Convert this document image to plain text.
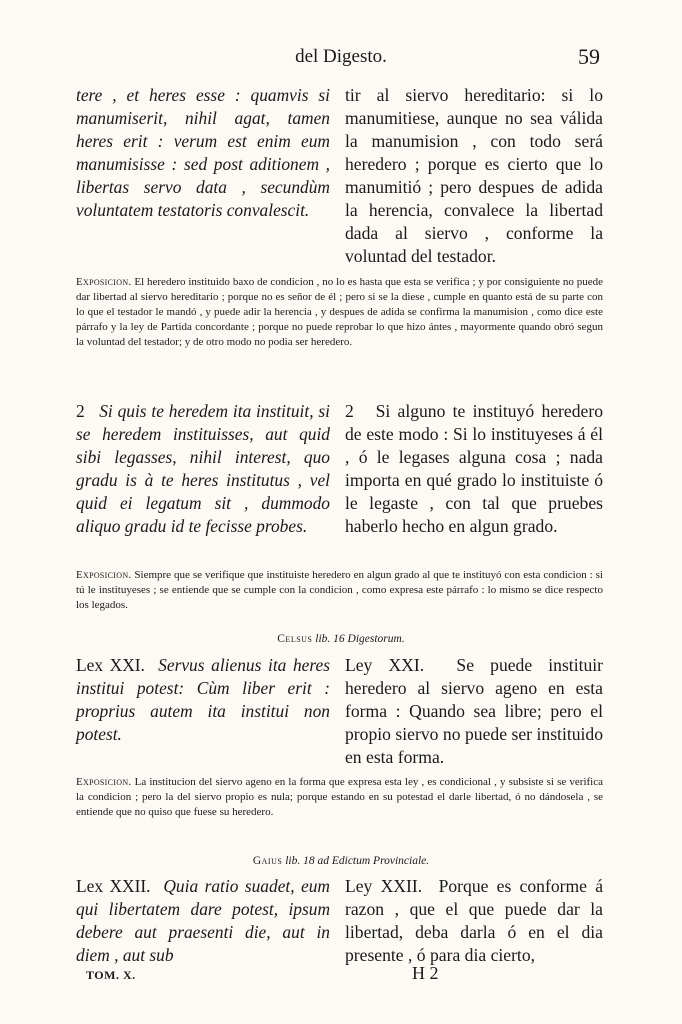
del Digesto.	59

tere , et heres esse : quamvis si manumiserit, nihil agat, tamen heres erit : verum est enim eum manumisisse : sed post aditionem , libertas servo data , secundùm voluntatem testatoris convalescit.

tir al siervo hereditario: si lo manumitiese, aunque no sea válida la manumision , con todo será heredero ; porque es cierto que lo manumitió ; pero despues de adida la herencia, convalece la libertad dada al siervo , conforme la voluntad del testador.

Exposicion. El heredero instituido baxo de condicion , no lo es hasta que esta se verifica ; y por consiguiente no puede dar libertad al siervo hereditario ; porque no es señor de él ; pero si se la diese , cumple en quanto está de su parte con lo que el testador le mandó , y puede adir la herencia , y despues de adida se confirma la manumision , como dice este párrafo y la ley de Partida concordante ; porque no puede reprobar lo que hizo ántes , mayormente quando obró segun la voluntad del testador; y de otro modo no podia ser heredero.

2 Si quis te heredem ita instituit, si se heredem instituisses, aut quid sibi legasses, nihil interest, quo gradu is à te heres institutus , vel quid ei legatum sit , dummodo aliquo gradu id te fecisse probes.

2 Si alguno te instituyó heredero de este modo : Si lo instituyeses á él , ó le legases alguna cosa ; nada importa en qué grado lo instituiste ó le legaste , con tal que pruebes haberlo hecho en algun grado.

Exposicion. Siempre que se verifique que instituiste heredero en algun grado al que te instituyó con esta condicion : si tú le instituyeses ; se entiende que se cumple con la condicion , como expresa este párrafo : lo mismo se dice respecto los legados.

Celsus lib. 16 Digestorum.

Lex XXI. Servus alienus ita heres institui potest: Cùm liber erit : proprius autem ita institui non potest.

Ley XXI. Se puede instituir heredero al siervo ageno en esta forma : Quando sea libre; pero el propio siervo no puede ser instituido en esta forma.

Exposicion. La institucion del siervo ageno en la forma que expresa esta ley , es condicional , y subsiste si se verifica la condicion ; pero la del siervo propio es nula; porque estando en su potestad el darle libertad, ó no dándosela , se entiende que no quiso que fuese su heredero.

Gaius lib. 18 ad Edictum Provinciale.

Lex XXII. Quia ratio suadet, eum qui libertatem dare potest, ipsum debere aut praesenti die, aut in diem , aut sub

Ley XXII. Porque es conforme á razon , que el que puede dar la libertad, deba darla ó en el dia presente , ó para dia cierto,

TOM. X.	H 2
